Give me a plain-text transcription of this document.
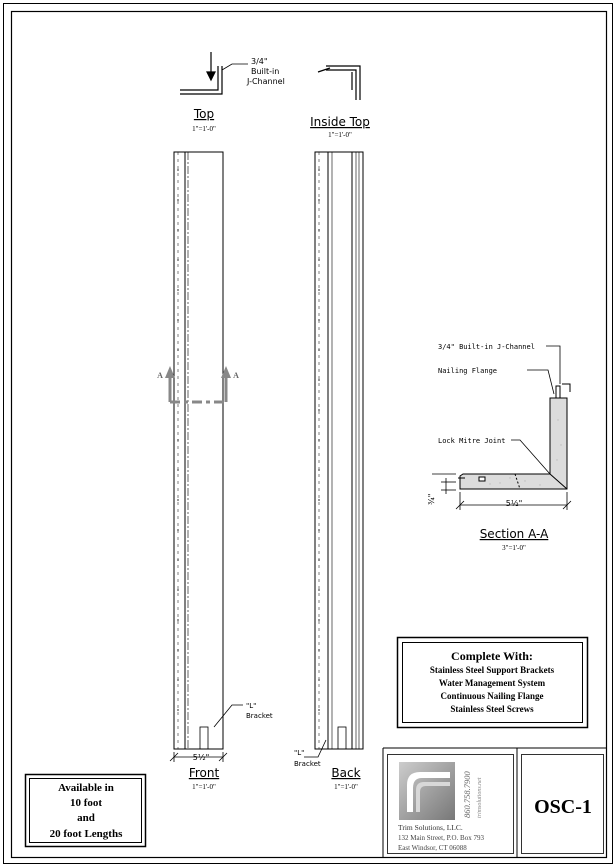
3/4"
Built-in
J-Channel
Top
1"=1'-0"	Inside Top
1"=1'-0"
A	A
"L"
Bracket
5½"
Front
1"=1'-0"
"L"
Bracket
Back
1"=1'-0"
3/4" Built-in J-Channel
Nailing Flange
Lock Mitre Joint
5½"
¾"
Section A-A
3"=1'-0"
Complete With:
Stainless Steel Support Brackets
Water Management System
Continuous Nailing Flange
Stainless Steel Screws
Available in
10 foot
and
20 foot Lengths
860.758.7900 trimsolutions.net
Trim Solutions, LLC.
132 Main Street, P.O. Box 793
East Windsor, CT 06088
OSC-1
